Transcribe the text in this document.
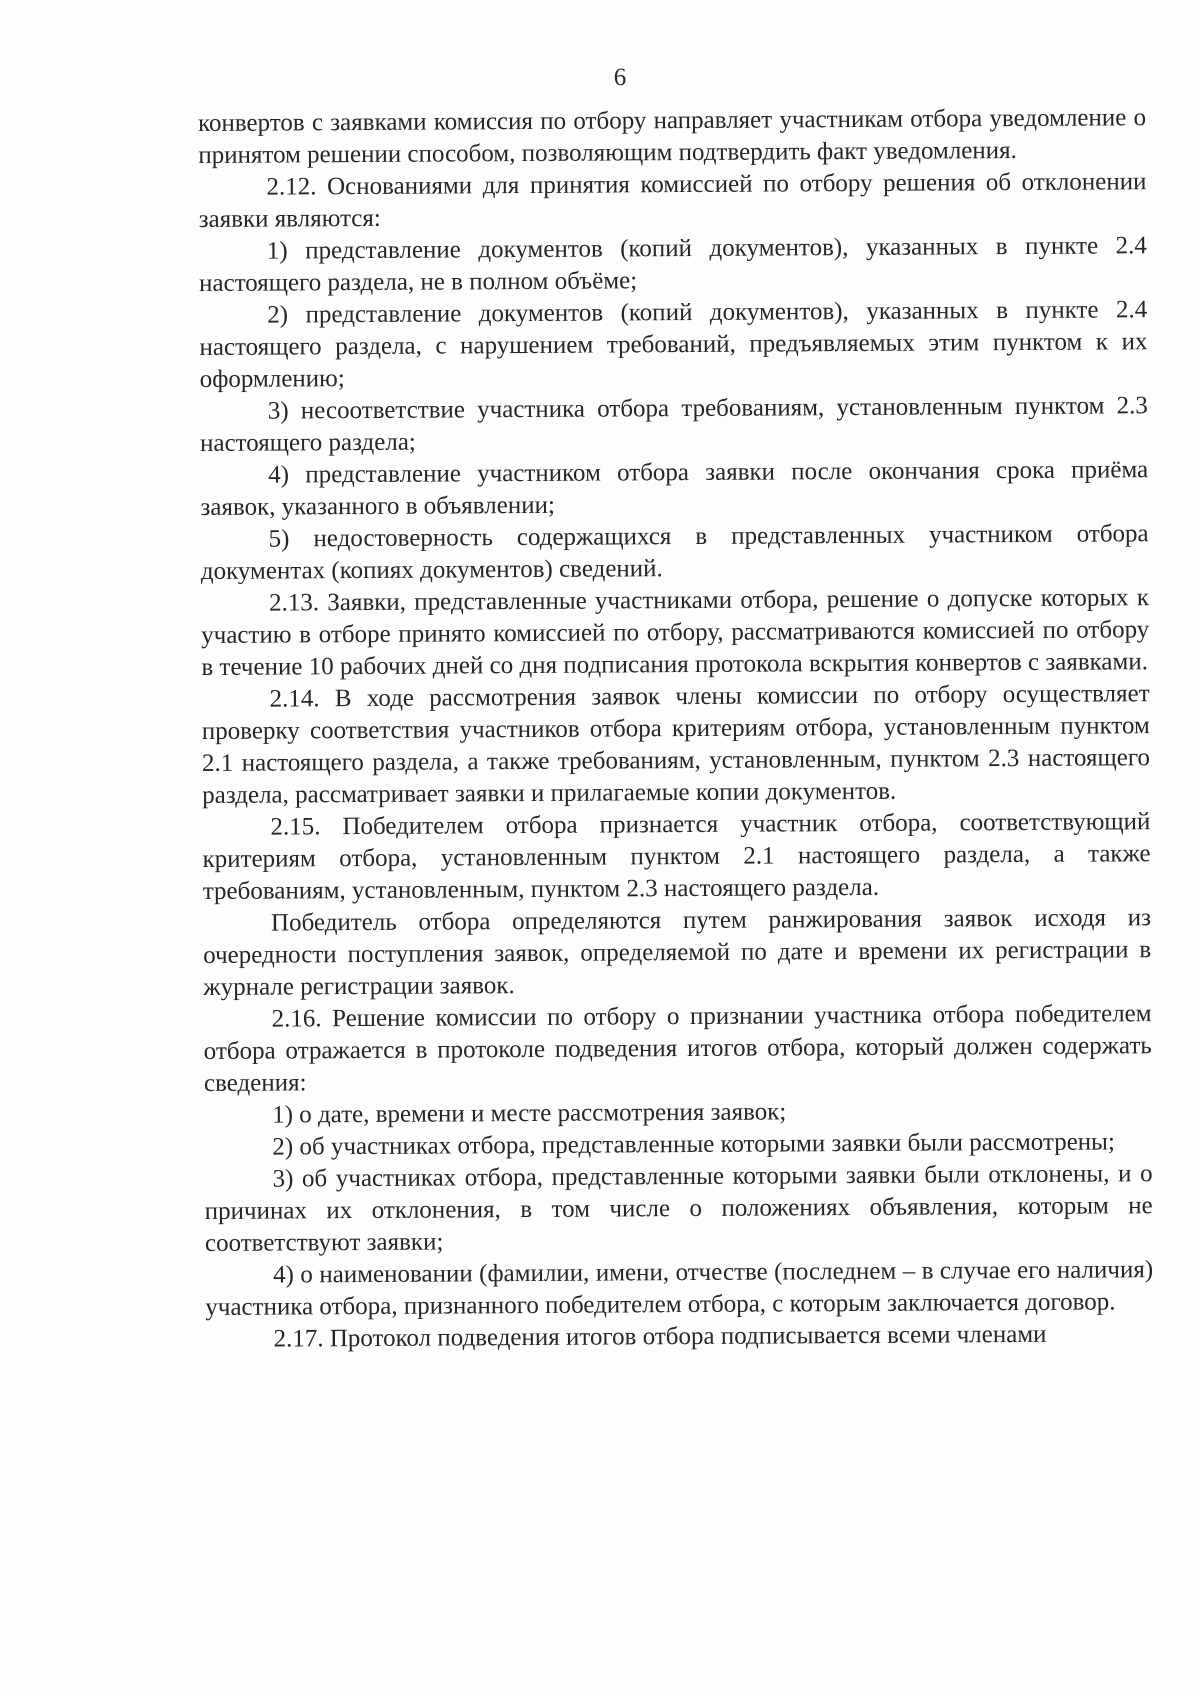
6

конвертов с заявками комиссия по отбору направляет участникам отбора уведомление о принятом решении способом, позволяющим подтвердить факт уведомления.

2.12. Основаниями для принятия комиссией по отбору решения об отклонении заявки являются:

1) представление документов (копий документов), указанных в пункте 2.4 настоящего раздела, не в полном объёме;

2) представление документов (копий документов), указанных в пункте 2.4 настоящего раздела, с нарушением требований, предъявляемых этим пунктом к их оформлению;

3) несоответствие участника отбора требованиям, установленным пунктом 2.3 настоящего раздела;

4) представление участником отбора заявки после окончания срока приёма заявок, указанного в объявлении;

5) недостоверность содержащихся в представленных участником отбора документах (копиях документов) сведений.

2.13. Заявки, представленные участниками отбора, решение о допуске которых к участию в отборе принято комиссией по отбору, рассматриваются комиссией по отбору в течение 10 рабочих дней со дня подписания протокола вскрытия конвертов с заявками.

2.14. В ходе рассмотрения заявок члены комиссии по отбору осуществляет проверку соответствия участников отбора критериям отбора, установленным пунктом 2.1 настоящего раздела, а также требованиям, установленным, пунктом 2.3 настоящего раздела, рассматривает заявки и прилагаемые копии документов.

2.15. Победителем отбора признается участник отбора, соответствующий критериям отбора, установленным пунктом 2.1 настоящего раздела, а также требованиям, установленным, пунктом 2.3 настоящего раздела.

Победитель отбора определяются путем ранжирования заявок исходя из очередности поступления заявок, определяемой по дате и времени их регистрации в журнале регистрации заявок.

2.16. Решение комиссии по отбору о признании участника отбора победителем отбора отражается в протоколе подведения итогов отбора, который должен содержать сведения:

1) о дате, времени и месте рассмотрения заявок;

2) об участниках отбора, представленные которыми заявки были рассмотрены;

3) об участниках отбора, представленные которыми заявки были отклонены, и о причинах их отклонения, в том числе о положениях объявления, которым не соответствуют заявки;

4) о наименовании (фамилии, имени, отчестве (последнем – в случае его наличия) участника отбора, признанного победителем отбора, с которым заключается договор.

2.17. Протокол подведения итогов отбора подписывается всеми членами
